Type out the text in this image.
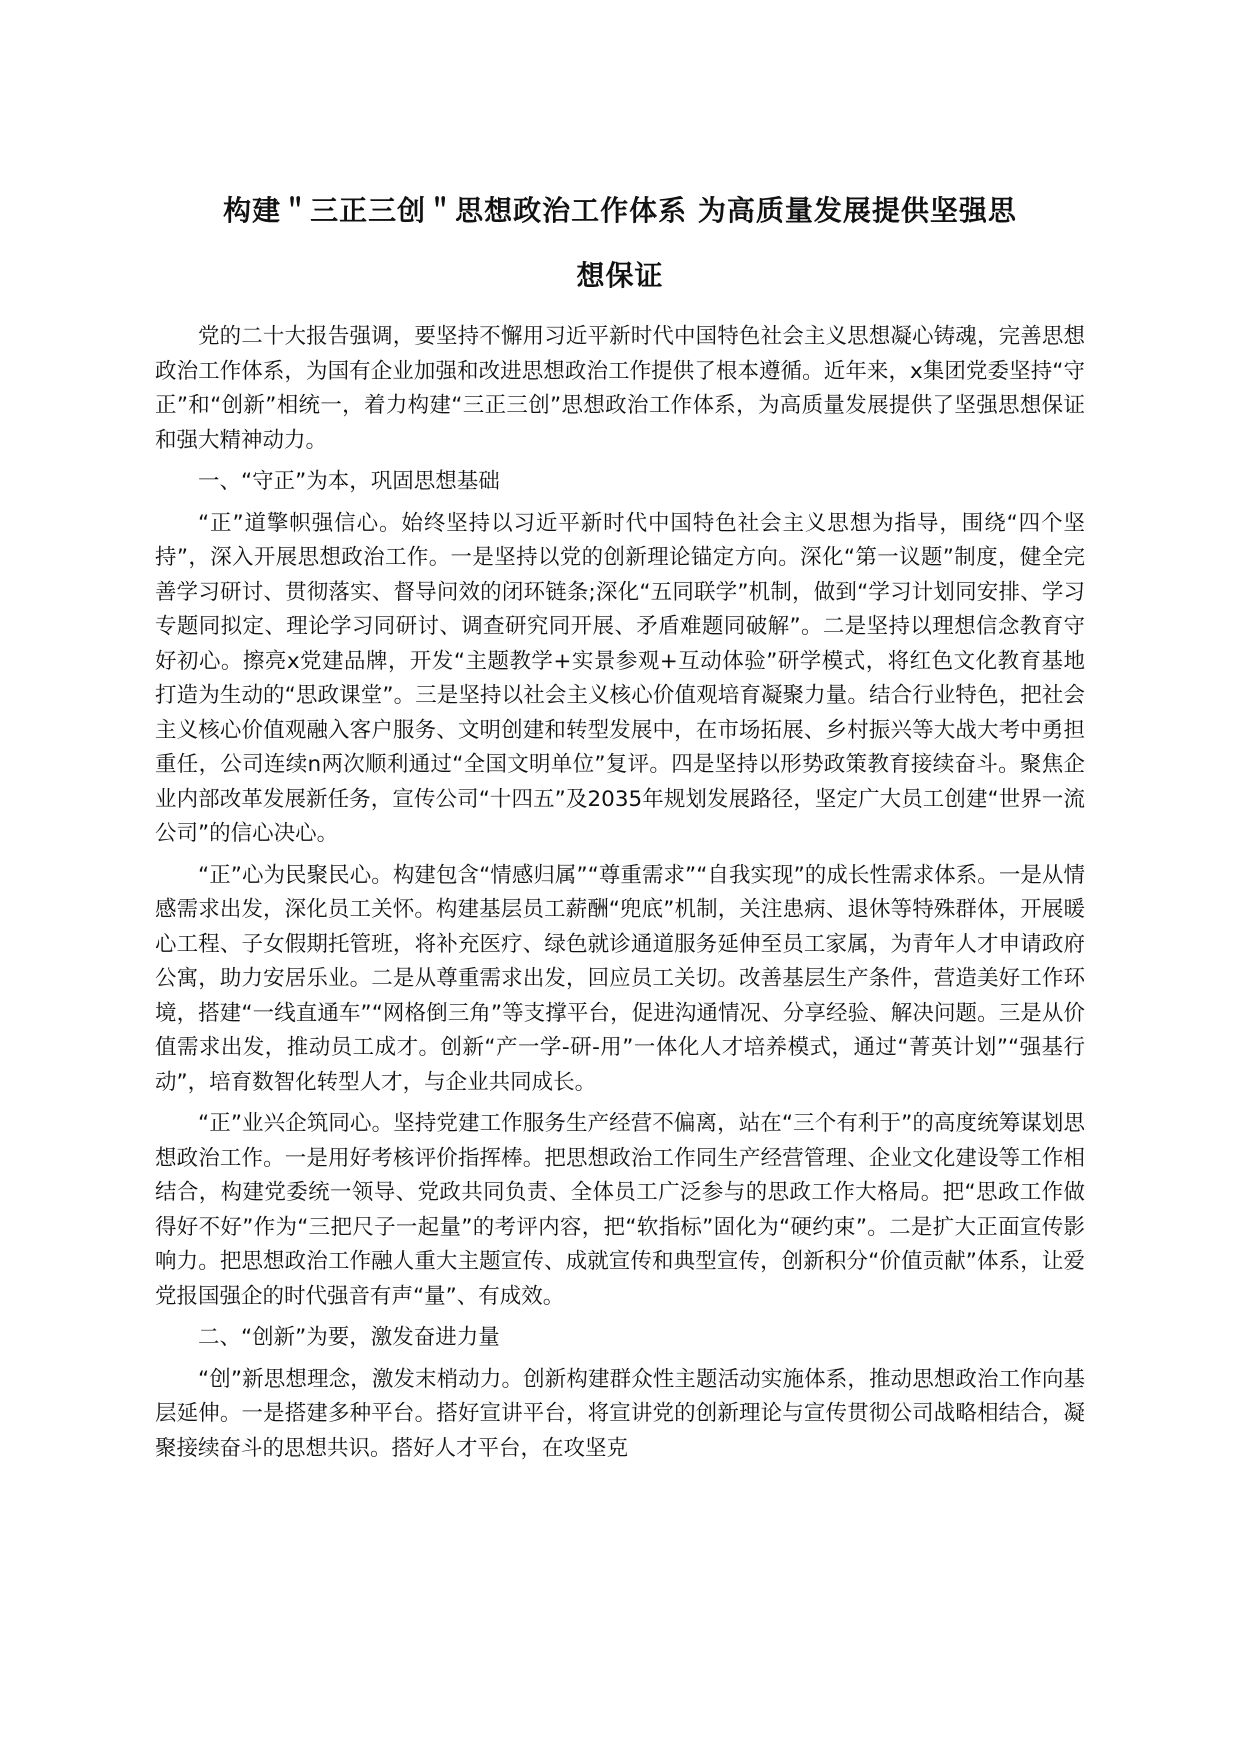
构建＂三正三创＂思想政治工作体系 为高质量发展提供坚强思
想保证

党的二十大报告强调，要坚持不懈用习近平新时代中国特色社会主义思想凝心铸魂，完善思想政治工作体系，为国有企业加强和改进思想政治工作提供了根本遵循。近年来，x集团党委坚持“守正”和“创新”相统一，着力构建“三正三创”思想政治工作体系，为高质量发展提供了坚强思想保证和强大精神动力。

一、“守正”为本，巩固思想基础

“正”道擎帜强信心。始终坚持以习近平新时代中国特色社会主义思想为指导，围绕“四个坚持”，深入开展思想政治工作。一是坚持以党的创新理论锚定方向。深化“第一议题”制度，健全完善学习研讨、贯彻落实、督导问效的闭环链条;深化“五同联学”机制，做到“学习计划同安排、学习专题同拟定、理论学习同研讨、调查研究同开展、矛盾难题同破解”。二是坚持以理想信念教育守好初心。擦亮x党建品牌，开发“主题教学+实景参观+互动体验”研学模式，将红色文化教育基地打造为生动的“思政课堂”。三是坚持以社会主义核心价值观培育凝聚力量。结合行业特色，把社会主义核心价值观融入客户服务、文明创建和转型发展中，在市场拓展、乡村振兴等大战大考中勇担重任，公司连续n两次顺利通过“全国文明单位”复评。四是坚持以形势政策教育接续奋斗。聚焦企业内部改革发展新任务，宣传公司“十四五”及2035年规划发展路径，坚定广大员工创建“世界一流公司”的信心决心。

“正”心为民聚民心。构建包含“情感归属”“尊重需求”“自我实现”的成长性需求体系。一是从情感需求出发，深化员工关怀。构建基层员工薪酬“兜底”机制，关注患病、退休等特殊群体，开展暖心工程、子女假期托管班，将补充医疗、绿色就诊通道服务延伸至员工家属，为青年人才申请政府公寓，助力安居乐业。二是从尊重需求出发，回应员工关切。改善基层生产条件，营造美好工作环境，搭建“一线直通车”“网格倒三角”等支撑平台，促进沟通情况、分享经验、解决问题。三是从价值需求出发，推动员工成才。创新“产一学-研-用”一体化人才培养模式，通过“菁英计划”“强基行动”，培育数智化转型人才，与企业共同成长。

“正”业兴企筑同心。坚持党建工作服务生产经营不偏离，站在“三个有利于”的高度统筹谋划思想政治工作。一是用好考核评价指挥棒。把思想政治工作同生产经营管理、企业文化建设等工作相结合，构建党委统一领导、党政共同负责、全体员工广泛参与的思政工作大格局。把“思政工作做得好不好”作为“三把尺子一起量”的考评内容，把“软指标”固化为“硬约束”。二是扩大正面宣传影响力。把思想政治工作融人重大主题宣传、成就宣传和典型宣传，创新积分“价值贡献”体系，让爱党报国强企的时代强音有声“量”、有成效。

二、“创新”为要，激发奋进力量

“创”新思想理念，激发末梢动力。创新构建群众性主题活动实施体系，推动思想政治工作向基层延伸。一是搭建多种平台。搭好宣讲平台，将宣讲党的创新理论与宣传贯彻公司战略相结合，凝聚接续奋斗的思想共识。搭好人才平台，在攻坚克
